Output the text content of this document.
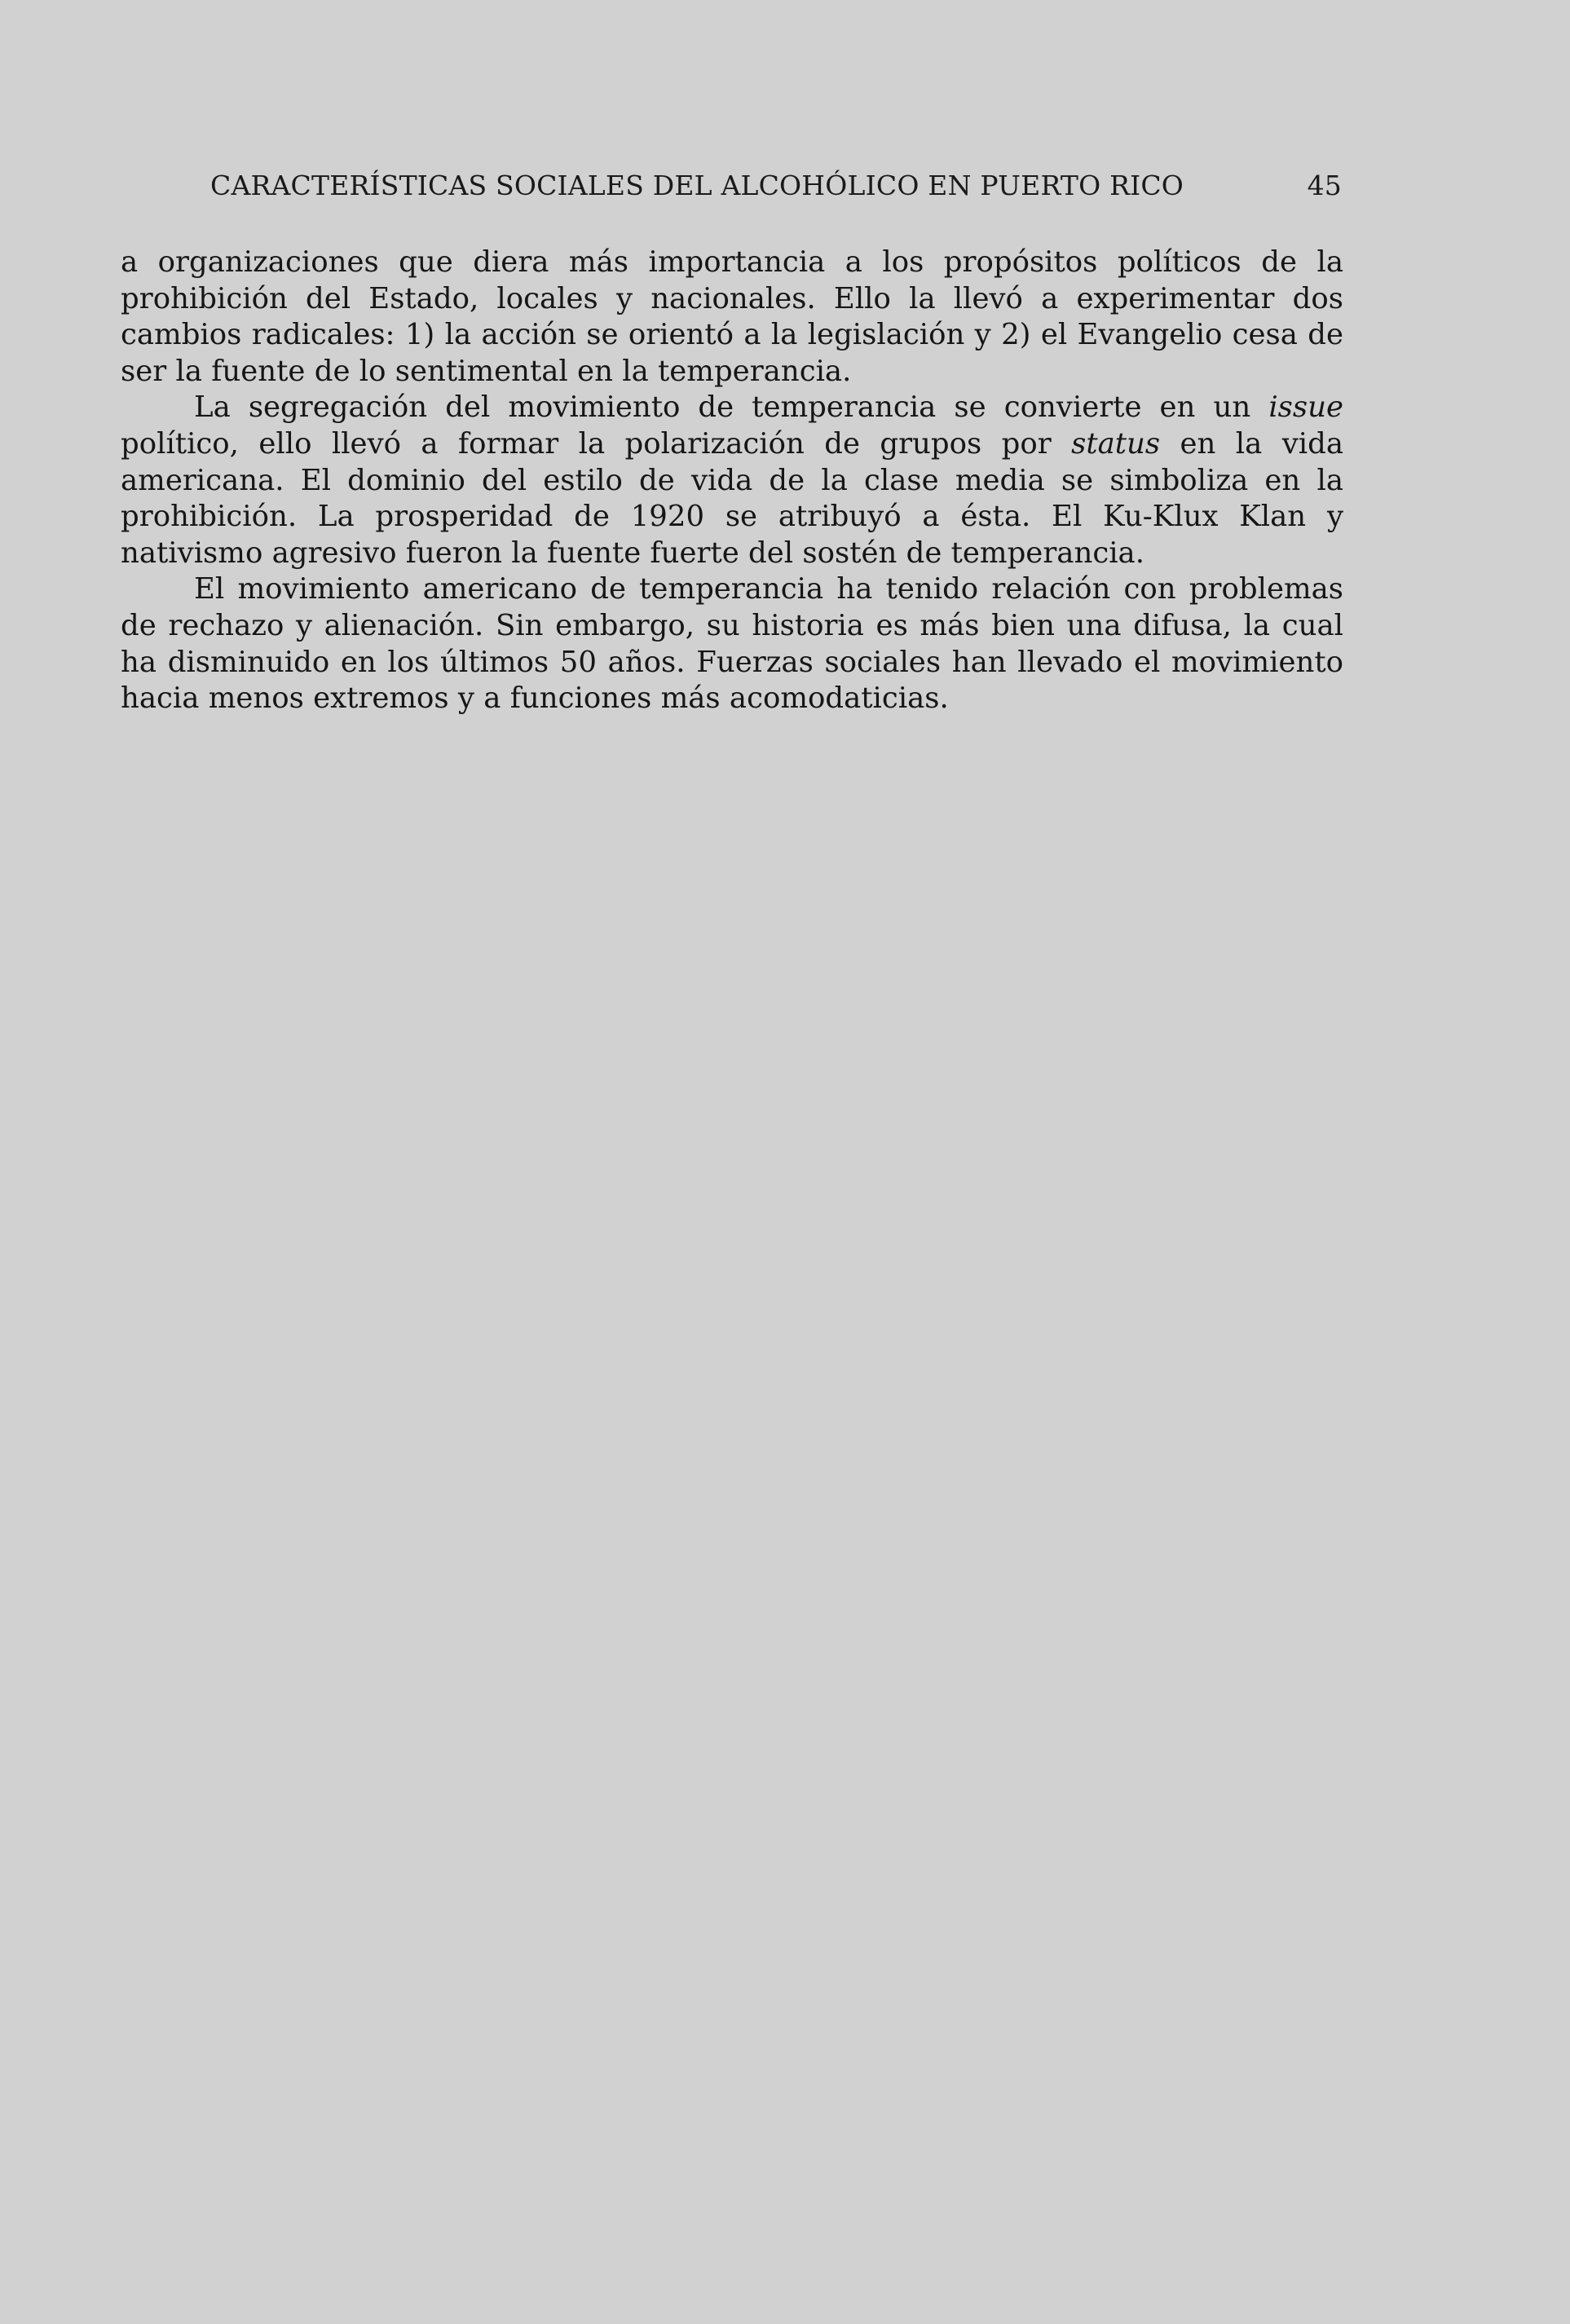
CARACTERÍSTICAS SOCIALES DEL ALCOHÓLICO EN PUERTO RICO	45

a organizaciones que diera más importancia a los propósitos políticos de la prohibición del Estado, locales y nacionales. Ello la llevó a experimentar dos cambios radicales: 1) la acción se orientó a la legislación y 2) el Evangelio cesa de ser la fuente de lo sentimental en la temperancia.

La segregación del movimiento de temperancia se convierte en un issue político, ello llevó a formar la polarización de grupos por status en la vida americana. El dominio del estilo de vida de la clase media se simboliza en la prohibición. La prosperidad de 1920 se atribuyó a ésta. El Ku-Klux Klan y nativismo agresivo fueron la fuente fuerte del sostén de temperancia.

El movimiento americano de temperancia ha tenido relación con problemas de rechazo y alienación. Sin embargo, su historia es más bien una difusa, la cual ha disminuido en los últimos 50 años. Fuerzas sociales han llevado el movimiento hacia menos extremos y a funciones más acomodaticias.
